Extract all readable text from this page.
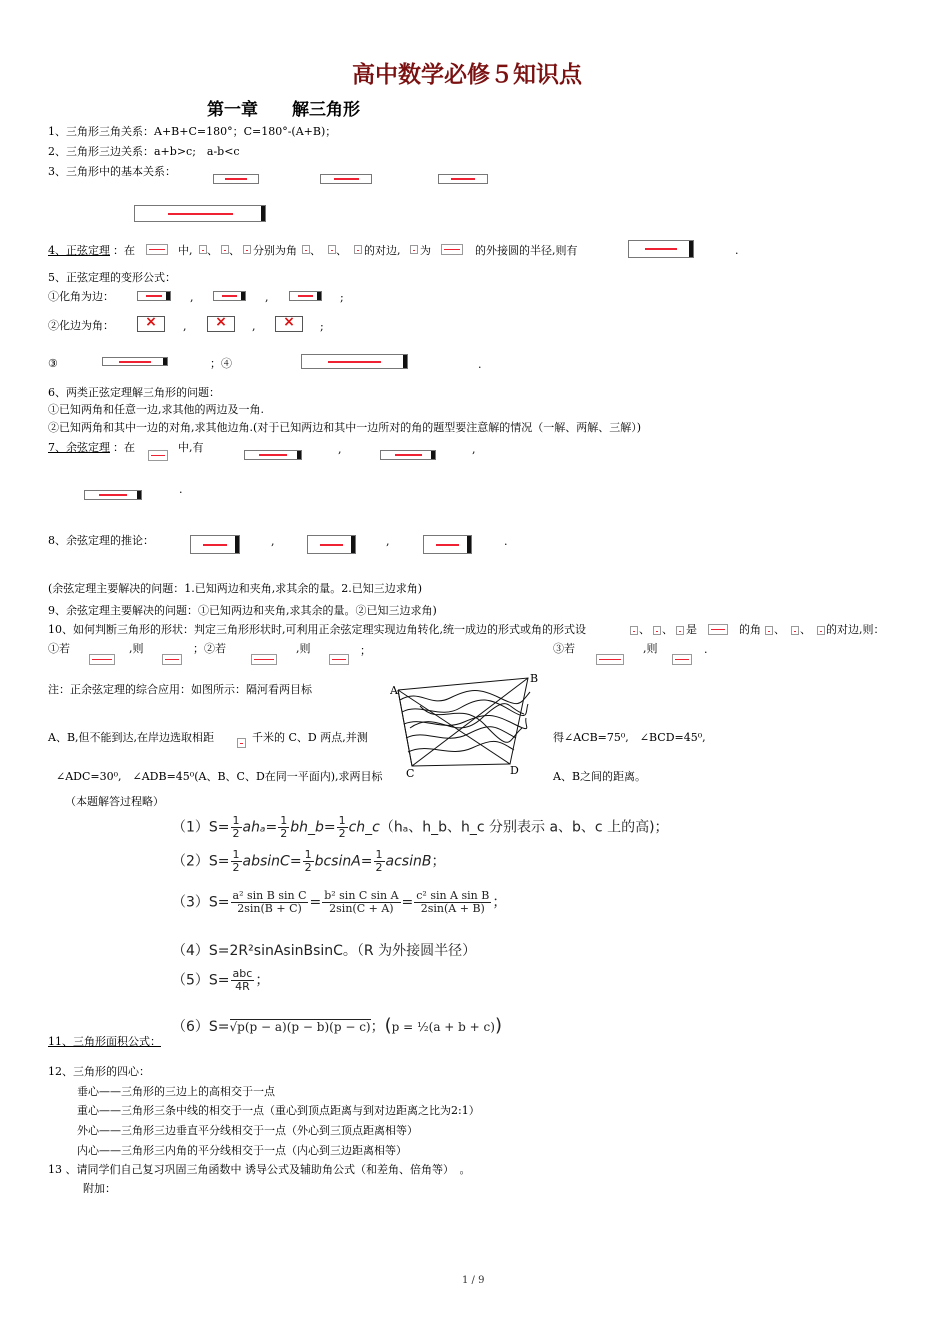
高中数学必修５知识点
第一章　　解三角形
1、三角形三角关系：A+B+C=180°；C=180°-(A+B)；
2、三角形三边关系：a+b>c;　a-b<c
3、三角形中的基本关系：
4、正弦定理 ：在	中, 、 、 分别为角 、 、 的对边, 为	的外接圆的半径,则有	.
5、正弦定理的变形公式：
①化角为边：	,	,	;
②化边为角： ×	, ×	, ×	;
③	；④	.
6、两类正弦定理解三角形的问题：
①已知两角和任意一边,求其他的两边及一角.
②已知两角和其中一边的对角,求其他边角.(对于已知两边和其中一边所对的角的题型要注意解的情况（一解、两解、三解）)
7、余弦定理 ：在	中,有	,	,
.
8、余弦定理的推论：	,	,	.
(余弦定理主要解决的问题：1.已知两边和夹角,求其余的量。2.已知三边求角)
9、余弦定理主要解决的问题：①已知两边和夹角,求其余的量。②已知三边求角)
10、如何判断三角形的形状：判定三角形形状时,可利用正余弦定理实现边角转化,统一成边的形式或角的形式设	、 、 是	的角 、 、 的对边,则：
①若	,则	；②若	,则	；	③若	,则	.
注：正余弦定理的综合应用：如图所示：隔河看两目标	A
B
C	D
A、B,但不能到达,在岸边选取相距	千米的 C、D 两点,并测	得∠ACB=75⁰,　∠BCD=45⁰,
∠ADC=30⁰,　∠ADB=45⁰(A、B、C、D在同一平面内),求两目标	A、B之间的距离。
（本题解答过程略）
$(1)S= \frac{1}{2} ah_a= \frac{1}{2}$ bh_b= $\frac{1}{2}$ ch_c（hₐ、h_b、h_c 分别表示 a、b、c 上的高)；
$(2)S= \frac{1}{2} absinC= \frac{1}{2} bcsinA= \frac{1}{2}$ acsinB；
$(3)S= \frac{\text{a² sin B sin C}}{2\sin(B + C)} = \frac{\text{b² sin C sin A}}{2\sin(C + A)} = \frac{\text{c² sin A sin B}}{2\sin(A + B)}$ ；
（4）S=2R²sinAsinBsinC。（R 为外接圆半径）
$(5)S= \frac{\text{abc}}{4R}$ ；
（6）S=√p(p − a)(p − b)(p − c)；(p = ½(a + b + c))
11、三角形面积公式：
12、三角形的四心：
垂心——三角形的三边上的高相交于一点
重心——三角形三条中线的相交于一点（重心到顶点距离与到对边距离之比为2:1）
外心——三角形三边垂直平分线相交于一点（外心到三顶点距离相等）
内心——三角形三内角的平分线相交于一点（内心到三边距离相等）
13 、请同学们自己复习巩固三角函数中 诱导公式及辅助角公式（和差角、倍角等）　。
附加：
1 / 9
